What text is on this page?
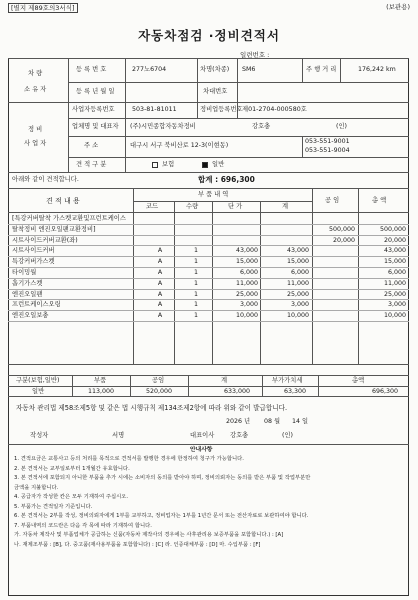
[별지 제89호의3서식]	(보관용)
자동차점검 ·정비견적서
일련번호 :
차 량
소 유 자
등 록 번 호	277노6704	차명(차종) SM6	주 행 거 리	176,242 km
등 록 년 월 일	차대번호
정 비
사 업 자
사업자등록번호	503-81-81011	정비업등록번호 제01-2704-000580호
업체명 및 대표자 (주)시민종합자동차정비	강호충	(인)
주 소	대구시 서구 북비산로 12-3(이현동)
053-551-9001
053-551-9004
견 적 구 분	보험	일반
아래와 같이 견적합니다.	합계 : 696,300
견 적 내 용
부 품 내 역
코드	수량	단 가	계
공 임	총 액
[특강커버탈착 가스켓교환및프런트케이스
탈착정비 엔진오일팬교환정비]	500,000	500,000
시트사이드커버교환(좌)	20,000	20,000
시트사이드커버	A	1	43,000	43,000	43,000
특강커버가스켓	A	1	15,000	15,000	15,000
타이밍월	A	1	6,000	6,000	6,000
흡기가스켓	A	1	11,000	11,000	11,000
엔진오일팬	A	1	25,000	25,000	25,000
프런트케이스오링	A	1	3,000	3,000	3,000
엔진오일보충	A	1	10,000	10,000	10,000
구분(보험,일반)	부품	공임	계	부가가치세	총액
일반	113,000	520,000	633,000	63,300	696,300
자동차 관리법 제58조제5항 및 같은 법 시행규칙 제134조제2항에 따라 위와 같이 발급합니다.
2026 년 08 월 14 일
작성자	서명	대표이사 강호충	(인)
안내사항
1. 견적요금은 교통사고 등의 처리를 목적으로 견적서를 발행한 경우에 한정하여 청구가 가능합니다.
2. 본 견적서는 교부일로부터 1개월간 유효합니다.
3. 본 견적서에 포함되지 아니한 부품을 추가 시에는 소비자의 동의를 받아야 하며, 정비의뢰자는 동의를 받은 부품 및 작업부분만
금액을 지불합니다.
4. 공급자가 작성한 칸은 모두 기재하여 주십시오.
5. 부품가는 견적일자 기준입니다.
6. 본 견적서는 2부를 작성, 정비의뢰자에게 1부를 교부하고, 정비업자는 1부를 1년간 문서 또는 전산자료로 보관하여야 합니다.
7. 부품내역의 코드란은 다음 각 목에 따라 기재하여 합니다.
가. 자동차 제작사 및 부품업체가 공급하는 신품(자동차 제작사의 경우에는 사후관리용 보증부품을 포함합니다.) : [A]
나. 재제조부품 : [B], 다. 중고품(재사용부품을 포함합니다) : [C] 라. 인증대체부품 : [D] 마. 수입부품 : [F]
